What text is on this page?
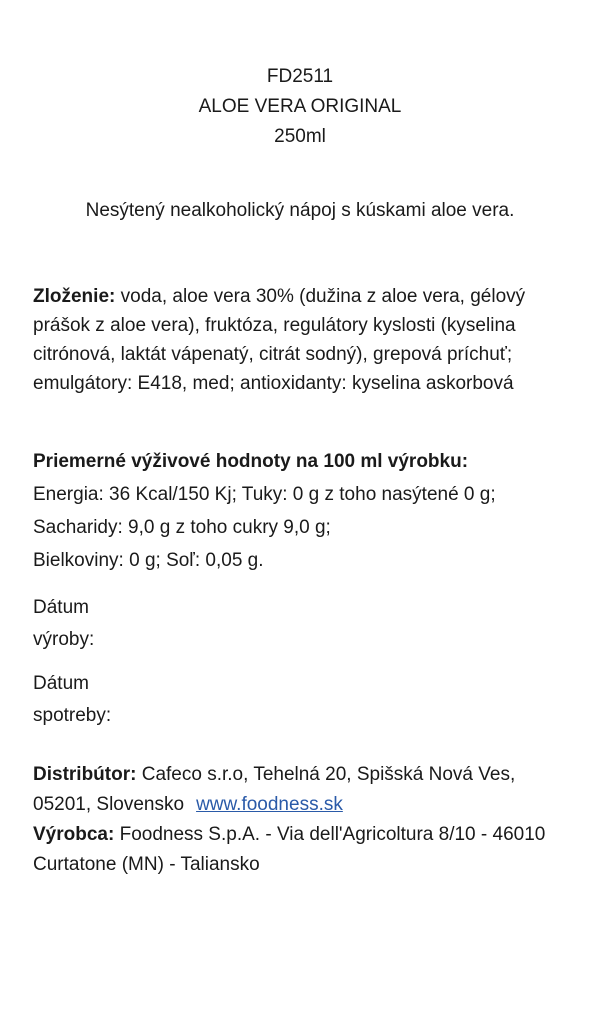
FD2511
ALOE VERA ORIGINAL
250ml
Nesýtený nealkoholický nápoj s kúskami aloe vera.
Zloženie: voda, aloe vera 30% (dužina z aloe vera, gélový
prášok z aloe vera), fruktóza, regulátory kyslosti (kyselina
citrónová, laktát vápenatý, citrát sodný), grepová príchuť;
emulgátory: E418, med; antioxidanty: kyselina askorbová
Priemerné výživové hodnoty na 100 ml výrobku:
Energia: 36 Kcal/150 Kj; Tuky: 0 g z toho nasýtené 0 g;
Sacharidy: 9,0 g z toho cukry 9,0 g;
Bielkoviny: 0 g; Soľ: 0,05 g.
Dátum
výroby:
Dátum
spotreby:
Distribútor: Cafeco s.r.o, Tehelná 20, Spišská Nová Ves,
05201, Slovensko www.foodness.sk
Výrobca: Foodness S.p.A. - Via dell'Agricoltura 8/10 - 46010
Curtatone (MN) - Taliansko
